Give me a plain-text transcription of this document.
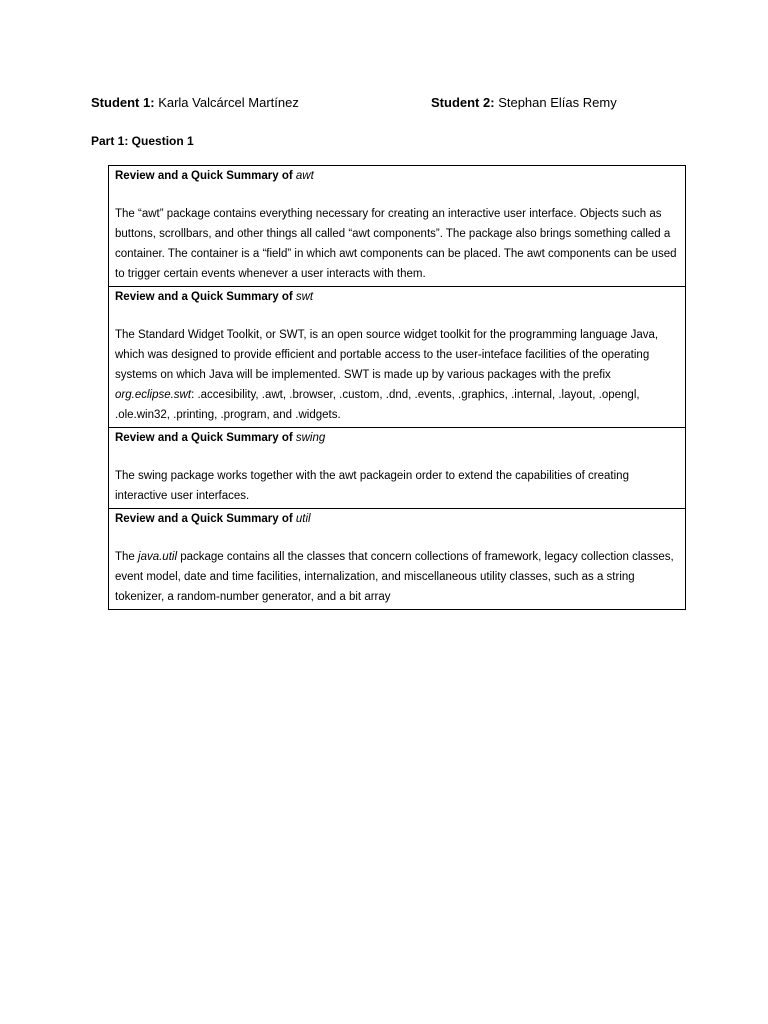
Student 1: Karla Valcárcel Martínez	Student 2: Stephan Elías Remy
Part 1: Question 1
Review and a Quick Summary of awt
The “awt” package contains everything necessary for creating an interactive user interface. Objects such as buttons, scrollbars, and other things all called “awt components”. The package also brings something called a container. The container is a “field” in which awt components can be placed. The awt components can be used to trigger certain events whenever a user interacts with them.
Review and a Quick Summary of swt
The Standard Widget Toolkit, or SWT, is an open source widget toolkit for the programming language Java, which was designed to provide efficient and portable access to the user-inteface facilities of the operating systems on which Java will be implemented. SWT is made up by various packages with the prefix org.eclipse.swt: .accesibility, .awt, .browser, .custom, .dnd, .events, .graphics, .internal, .layout, .opengl, .ole.win32, .printing, .program, and .widgets.
Review and a Quick Summary of swing
The swing package works together with the awt packagein order to extend the capabilities of creating interactive user interfaces.
Review and a Quick Summary of util
The java.util package contains all the classes that concern collections of framework, legacy collection classes, event model, date and time facilities, internalization, and miscellaneous utility classes, such as a string tokenizer, a random-number generator, and a bit array
